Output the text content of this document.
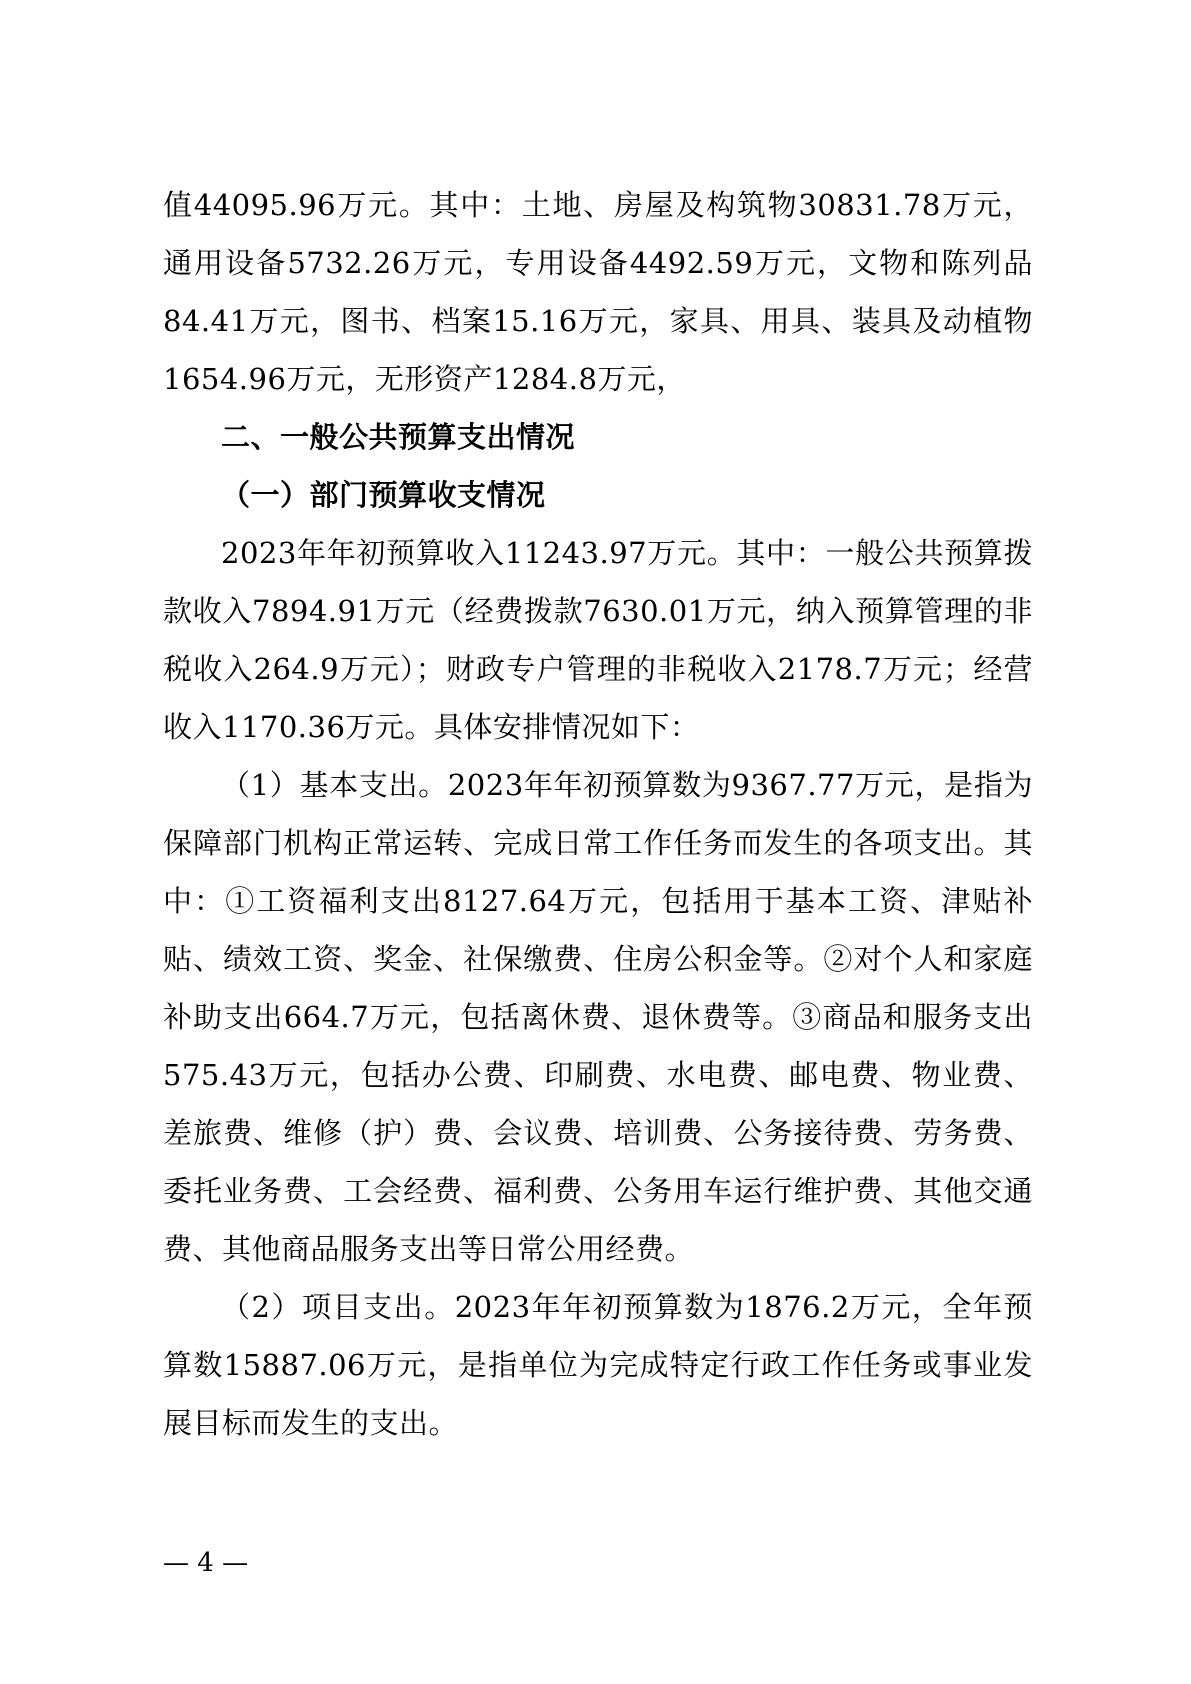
值44095.96万元。其中：土地、房屋及构筑物30831.78万元，通用设备5732.26万元，专用设备4492.59万元，文物和陈列品84.41万元，图书、档案15.16万元，家具、用具、装具及动植物1654.96万元，无形资产1284.8万元，

二、一般公共预算支出情况

（一）部门预算收支情况

2023年年初预算收入11243.97万元。其中：一般公共预算拨款收入7894.91万元（经费拨款7630.01万元，纳入预算管理的非税收入264.9万元）；财政专户管理的非税收入2178.7万元；经营收入1170.36万元。具体安排情况如下：

（1）基本支出。2023年年初预算数为9367.77万元，是指为保障部门机构正常运转、完成日常工作任务而发生的各项支出。其中：①工资福利支出8127.64万元，包括用于基本工资、津贴补贴、绩效工资、奖金、社保缴费、住房公积金等。②对个人和家庭补助支出664.7万元，包括离休费、退休费等。③商品和服务支出575.43万元，包括办公费、印刷费、水电费、邮电费、物业费、差旅费、维修（护）费、会议费、培训费、公务接待费、劳务费、委托业务费、工会经费、福利费、公务用车运行维护费、其他交通费、其他商品服务支出等日常公用经费。

（2）项目支出。2023年年初预算数为1876.2万元，全年预算数15887.06万元，是指单位为完成特定行政工作任务或事业发展目标而发生的支出。

— 4 —
